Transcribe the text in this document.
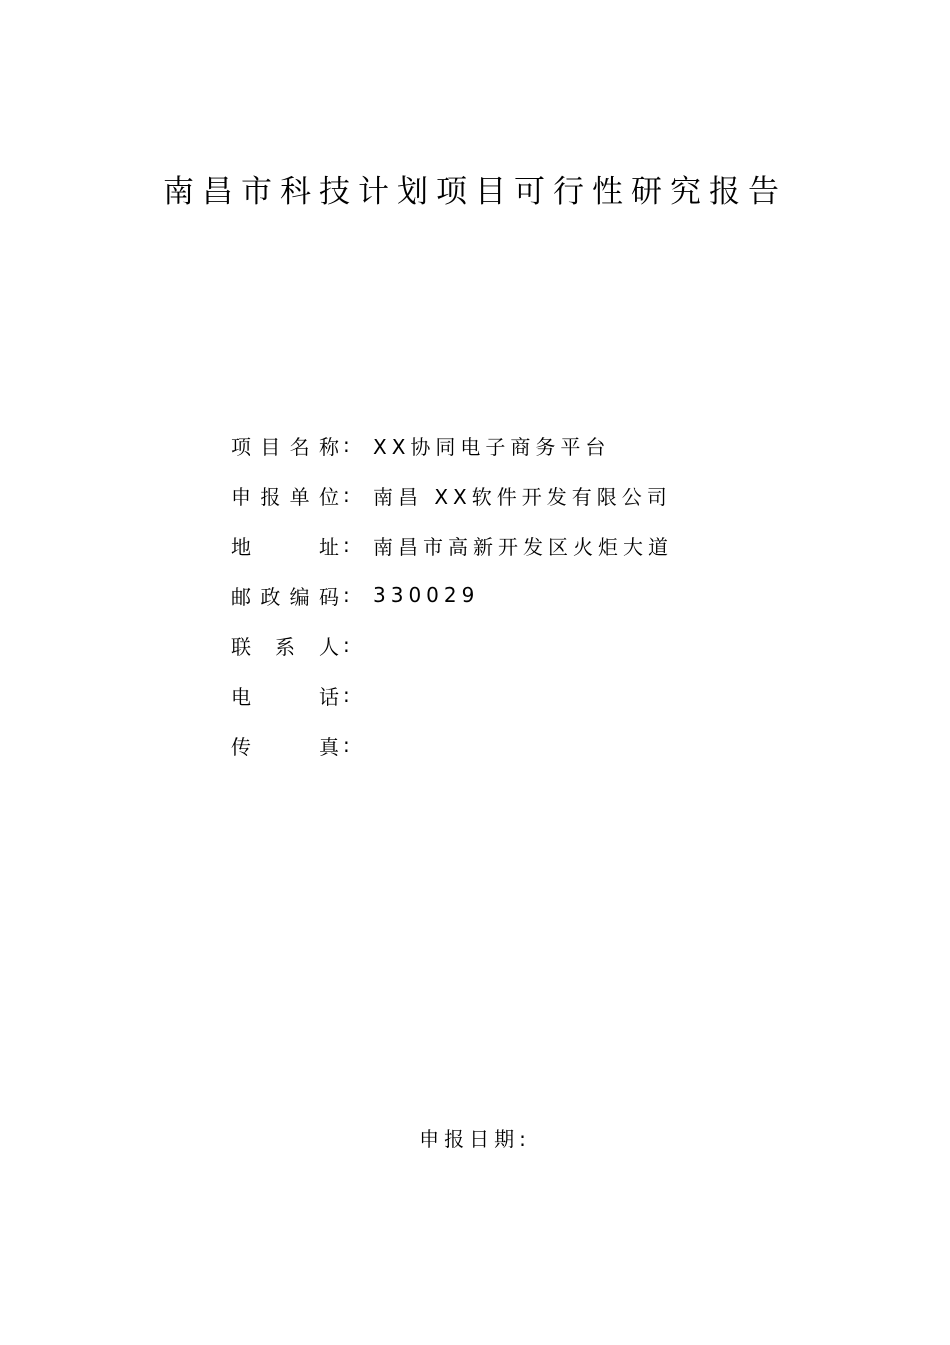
南昌市科技计划项目可行性研究报告
项 目 名 称 :	XX协同电子商务平台
申 报 单 位 :	南昌 XX软件开发有限公司
地	址 :	南昌市高新开发区火炬大道
邮 政 编 码 :	330029
联 系 人 :
电	话 :
传	真 :
申报日期:
